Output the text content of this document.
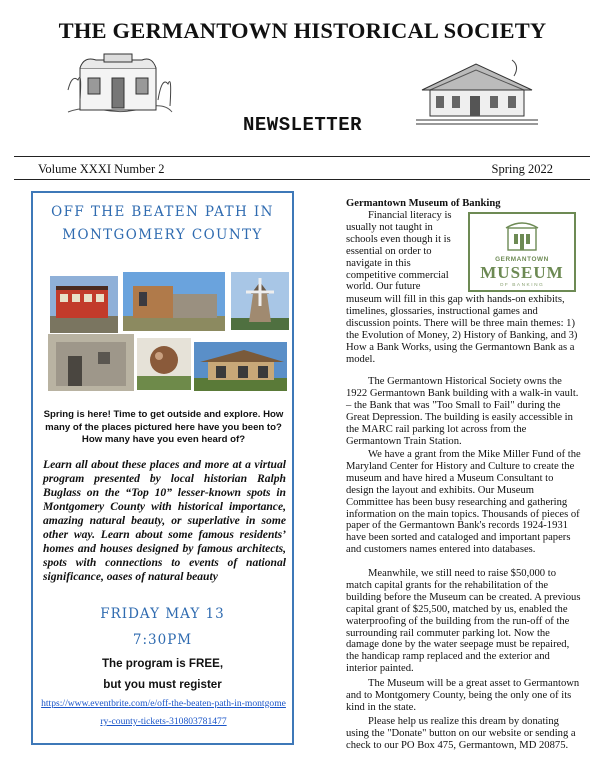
THE GERMANTOWN HISTORICAL SOCIETY
NEWSLETTER
Volume XXXI Number 2	Spring 2022
OFF THE BEATEN PATH IN
MONTGOMERY COUNTY
Spring is here! Time to get outside and explore. How many of the places pictured here have you been to? How many have you even heard of?
Learn all about these places and more at a virtual program presented by local historian Ralph Buglass on the “Top 10” lesser-known spots in Montgomery County with historical importance, amazing natural beauty, or superlative in some other way. Learn about some famous residents’ homes and houses designed by famous architects, spots with connections to events of national significance, oases of natural beauty
FRIDAY MAY 13
7:30PM
The program is FREE,
but you must register
https://www.eventbrite.com/e/off-the-beaten-path-in-montgomery-county-tickets-310803781477
Germantown Museum of Banking
GERMANTOWN
MUSEUM
OF BANKING
Financial literacy is
usually not taught in
schools even though it is
essential on order to
navigate in this
competitive commercial
world. Our future
museum will fill in this gap with hands-on exhibits, timelines, glossaries, instructional games and discussion points. There will be three main themes: 1) the Evolution of Money, 2) History of Banking, and 3) How a Bank Works, using the Germantown Bank as a model.
The Germantown Historical Society owns the 1922 Germantown Bank building with a walk-in vault. – the Bank that was "Too Small to Fail" during the Great Depression. The building is easily accessible in the MARC rail parking lot across from the Germantown Train Station.
We have a grant from the Mike Miller Fund of the Maryland Center for History and Culture to create the museum and have hired a Museum Consultant to design the layout and exhibits. Our Museum Committee has been busy researching and gathering information on the main topics. Thousands of pieces of paper of the Germantown Bank's records 1924-1931 have been sorted and cataloged and important papers and customers names entered into databases.
Meanwhile, we still need to raise $50,000 to match capital grants for the rehabilitation of the building before the Museum can be created. A previous capital grant of $25,500, matched by us, enabled the waterproofing of the building from the run-off of the surrounding rail commuter parking lot. Now the damage done by the water seepage must be repaired, the handicap ramp replaced and the exterior and interior painted.
The Museum will be a great asset to Germantown and to Montgomery County, being the only one of its kind in the state.
Please help us realize this dream by donating using the "Donate" button on our website or sending a check to our PO Box 475, Germantown, MD 20875.
